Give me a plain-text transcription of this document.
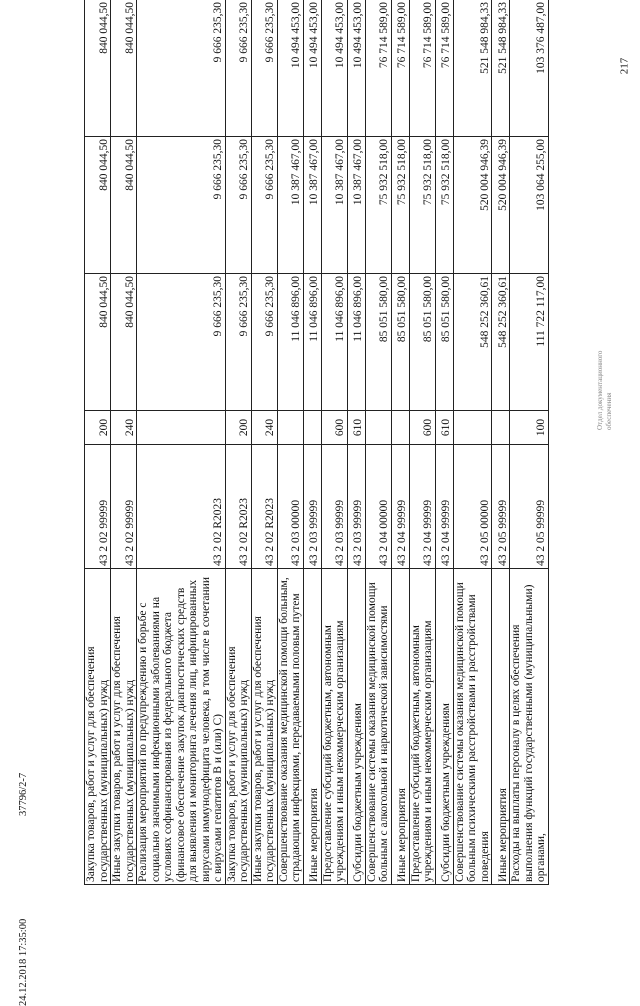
Закупка товаров, работ и услуг для обеспечения государственных (муниципальных) нужд	43 2 02 99999	200	840 044,50	840 044,50	840 044,50
Иные закупки товаров, работ и услуг для обеспечения государственных (муниципальных) нужд	43 2 02 99999	240	840 044,50	840 044,50	840 044,50
Реализация мероприятий по предупреждению и борьбе с социально значимыми инфекционными заболеваниями на условиях софинансирования из федерального бюджета (финансовое обеспечение закупок диагностических средств для выявления и мониторинга лечения лиц, инфицированных вирусами иммунодефицита человека, в том числе в сочетании с вирусами гепатитов В и (или) С)	43 2 02 R2023		9 666 235,30	9 666 235,30	9 666 235,30
Закупка товаров, работ и услуг для обеспечения государственных (муниципальных) нужд	43 2 02 R2023	200	9 666 235,30	9 666 235,30	9 666 235,30
Иные закупки товаров, работ и услуг для обеспечения государственных (муниципальных) нужд	43 2 02 R2023	240	9 666 235,30	9 666 235,30	9 666 235,30
Совершенствование оказания медицинской помощи больным, страдающим инфекциями, передаваемыми половым путем	43 2 03 00000		11 046 896,00	10 387 467,00	10 494 453,00
Иные мероприятия	43 2 03 99999		11 046 896,00	10 387 467,00	10 494 453,00
Предоставление субсидий бюджетным, автономным учреждениям и иным некоммерческим организациям	43 2 03 99999	600	11 046 896,00	10 387 467,00	10 494 453,00
Субсидии бюджетным учреждениям	43 2 03 99999	610	11 046 896,00	10 387 467,00	10 494 453,00
Совершенствование системы оказания медицинской помощи больным с алкогольной и наркотической зависимостями	43 2 04 00000		85 051 580,00	75 932 518,00	76 714 589,00
Иные мероприятия	43 2 04 99999		85 051 580,00	75 932 518,00	76 714 589,00
Предоставление субсидий бюджетным, автономным учреждениям и иным некоммерческим организациям	43 2 04 99999	600	85 051 580,00	75 932 518,00	76 714 589,00
Субсидии бюджетным учреждениям	43 2 04 99999	610	85 051 580,00	75 932 518,00	76 714 589,00
Совершенствование системы оказания медицинской помощи больным психическими расстройствами и расстройствами поведения	43 2 05 00000		548 252 360,61	520 004 946,39	521 548 984,33
Иные мероприятия	43 2 05 99999		548 252 360,61	520 004 946,39	521 548 984,33
Расходы на выплаты персоналу в целях обеспечения выполнения функций государственными (муниципальными) органами,	43 2 05 99999	100	111 722 117,00	103 064 255,00	103 376 487,00	217
Отдел документационного обеспечения
24.12.2018 17:35:00
37796/2-7
